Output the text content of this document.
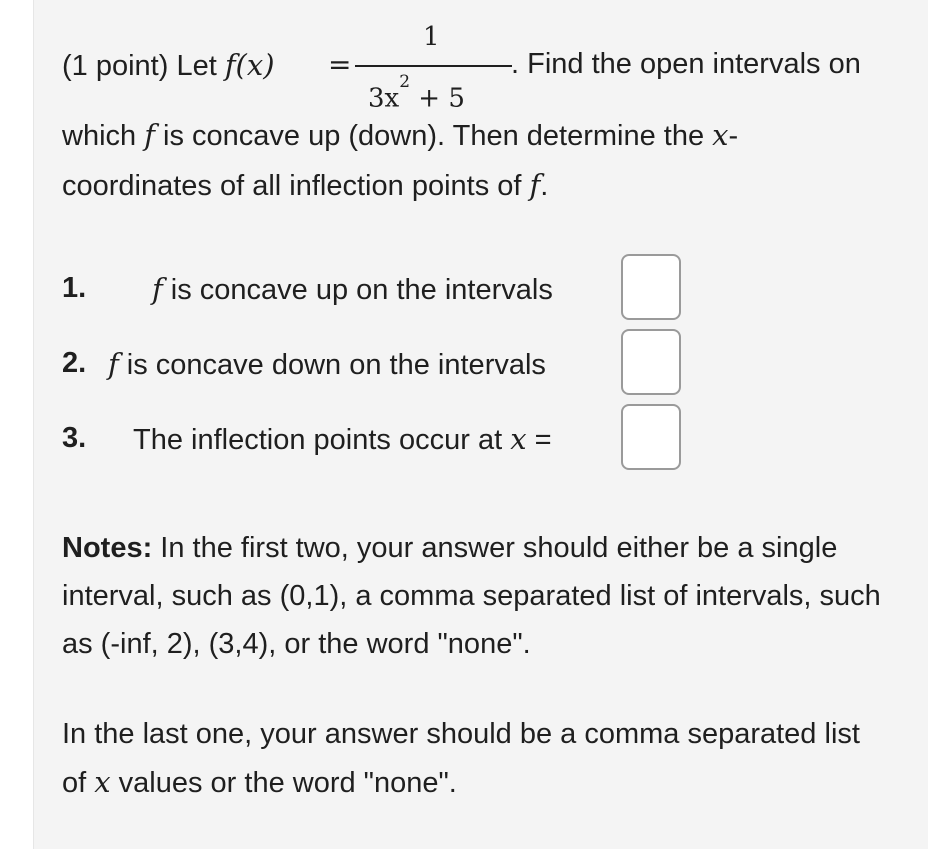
(1 point) Let f(x) =
1
$3x^2 + 5$
. Find the open intervals on
which f is concave up (down). Then determine the x-
coordinates of all inflection points of f.
1. f is concave up on the intervals
2. f is concave down on the intervals
3. The inflection points occur at x =
Notes: In the first two, your answer should either be a single interval, such as (0,1), a comma separated list of intervals, such as (-inf, 2), (3,4), or the word "none".
In the last one, your answer should be a comma separated list of x values or the word "none".
